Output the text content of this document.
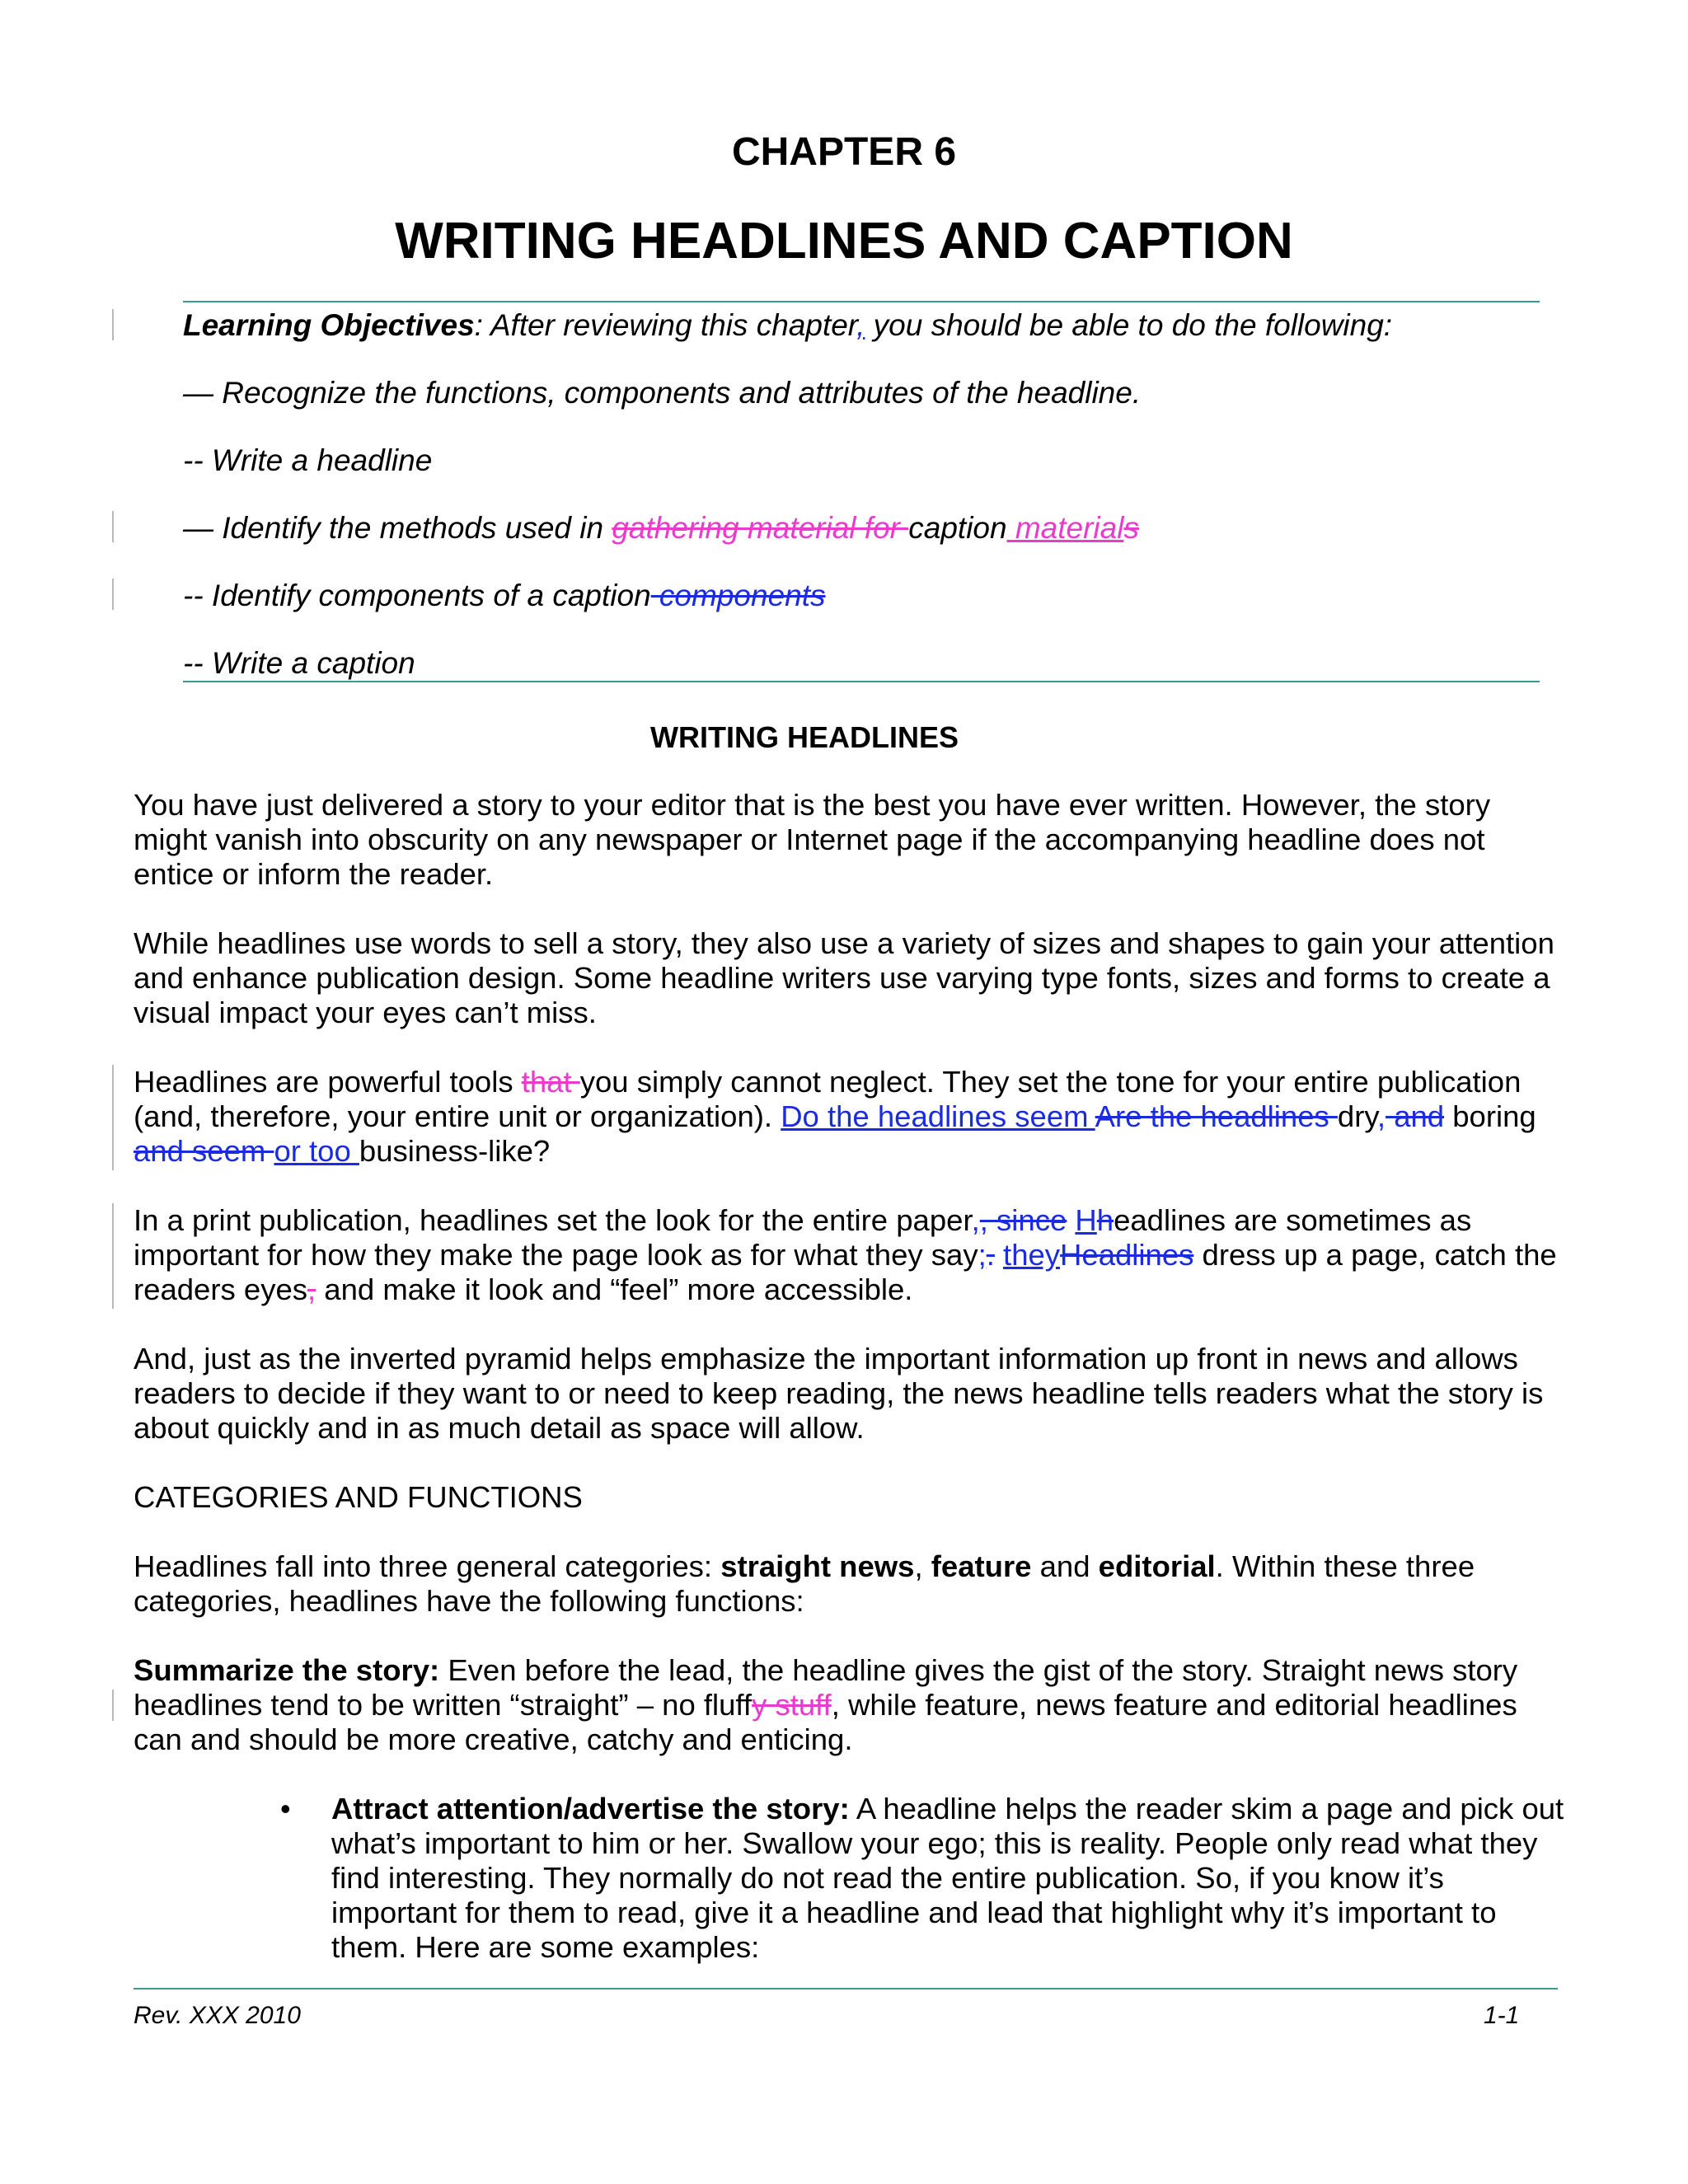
CHAPTER 6
WRITING HEADLINES AND CAPTION
Learning Objectives: After reviewing this chapter, you should be able to do the following:
— Recognize the functions, components and attributes of the headline.
-- Write a headline
— Identify the methods used in gathering material for caption materials
-- Identify components of a caption components
-- Write a caption
WRITING HEADLINES
You have just delivered a story to your editor that is the best you have ever written. However, the story might vanish into obscurity on any newspaper or Internet page if the accompanying headline does not entice or inform the reader.
While headlines use words to sell a story, they also use a variety of sizes and shapes to gain your attention and enhance publication design. Some headline writers use varying type fonts, sizes and forms to create a visual impact your eyes can’t miss.
Headlines are powerful tools that you simply cannot neglect. They set the tone for your entire publication (and, therefore, your entire unit or organization). Do the headlines seem Are the headlines dry, and boring and seem or too business-like?
In a print publication, headlines set the look for the entire paper,, since Hheadlines are sometimes as important for how they make the page look as for what they say;. theyHeadlines dress up a page, catch the readers eyes, and make it look and “feel” more accessible.
And, just as the inverted pyramid helps emphasize the important information up front in news and allows readers to decide if they want to or need to keep reading, the news headline tells readers what the story is about quickly and in as much detail as space will allow.
CATEGORIES AND FUNCTIONS
Headlines fall into three general categories: straight news, feature and editorial. Within these three categories, headlines have the following functions:
Summarize the story: Even before the lead, the headline gives the gist of the story. Straight news story headlines tend to be written “straight” – no fluffy stuff, while feature, news feature and editorial headlines can and should be more creative, catchy and enticing.
• Attract attention/advertise the story: A headline helps the reader skim a page and pick out what’s important to him or her. Swallow your ego; this is reality. People only read what they find interesting. They normally do not read the entire publication. So, if you know it’s important for them to read, give it a headline and lead that highlight why it’s important to them. Here are some examples:
Rev. XXX 2010	1-1
